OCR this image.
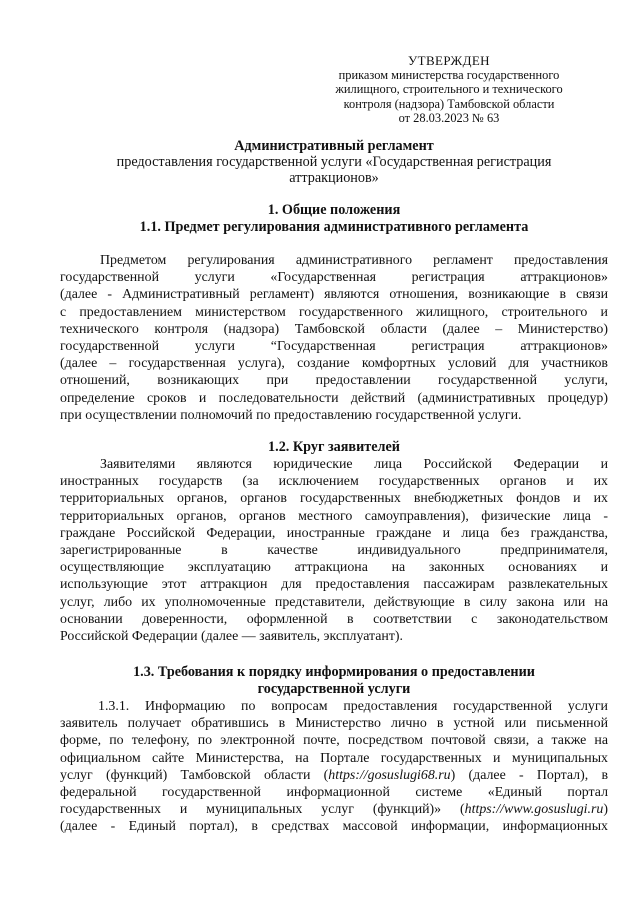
УТВЕРЖДЕН
приказом министерства государственного
жилищного, строительного и технического
контроля (надзора) Тамбовской области
от 28.03.2023 № 63
Административный регламент
предоставления государственной услуги «Государственная регистрация
аттракционов»
1. Общие положения
1.1. Предмет регулирования административного регламента
Предметом регулирования административного регламент предоставления
государственной услуги «Государственная регистрация аттракционов»
(далее - Административный регламент) являются отношения, возникающие в связи
с предоставлением министерством государственного жилищного, строительного и
технического контроля (надзора) Тамбовской области (далее – Министерство)
государственной услуги “Государственная регистрация аттракционов»
(далее – государственная услуга), создание комфортных условий для участников
отношений, возникающих при предоставлении государственной услуги,
определение сроков и последовательности действий (административных процедур)
при осуществлении полномочий по предоставлению государственной услуги.
1.2. Круг заявителей
Заявителями являются юридические лица Российской Федерации и
иностранных государств (за исключением государственных органов и их
территориальных органов, органов государственных внебюджетных фондов и их
территориальных органов, органов местного самоуправления), физические лица -
граждане Российской Федерации, иностранные граждане и лица без гражданства,
зарегистрированные в качестве индивидуального предпринимателя,
осуществляющие эксплуатацию аттракциона на законных основаниях и
использующие этот аттракцион для предоставления пассажирам развлекательных
услуг, либо их уполномоченные представители, действующие в силу закона или на
основании доверенности, оформленной в соответствии с законодательством
Российской Федерации (далее — заявитель, эксплуатант).
1.3. Требования к порядку информирования о предоставлении
государственной услуги
1.3.1. Информацию по вопросам предоставления государственной услуги
заявитель получает обратившись в Министерство лично в устной или письменной
форме, по телефону, по электронной почте, посредством почтовой связи, а также на
официальном сайте Министерства, на Портале государственных и муниципальных
услуг (функций) Тамбовской области (https://gosuslugi68.ru) (далее - Портал), в
федеральной государственной информационной системе «Единый портал
государственных и муниципальных услуг (функций)» (https://www.gosuslugi.ru)
(далее - Единый портал), в средствах массовой информации, информационных
